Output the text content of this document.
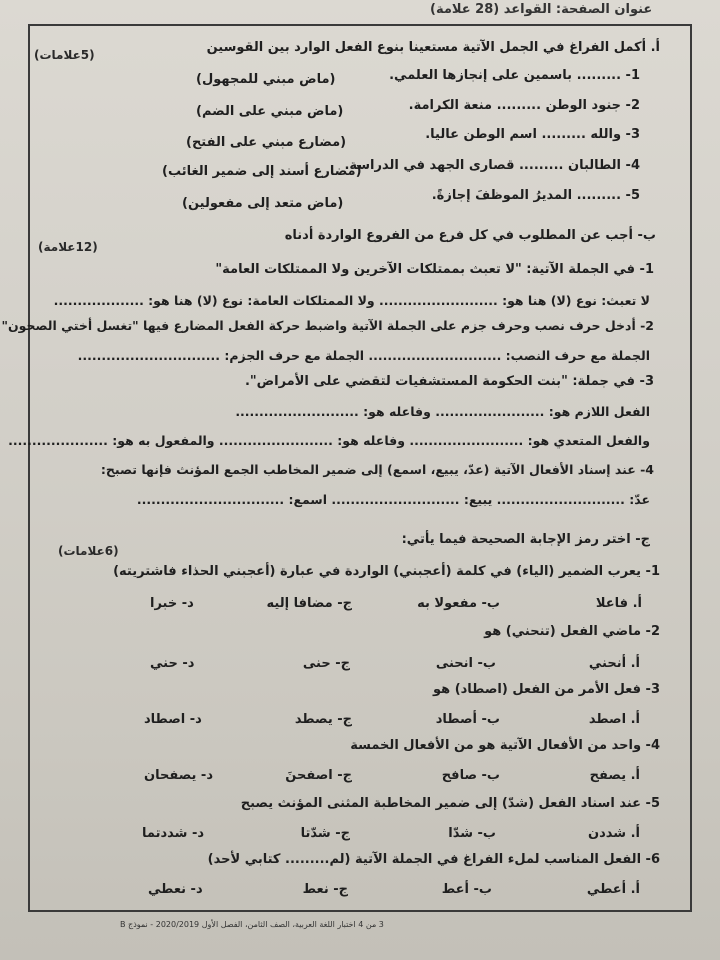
عنوان الصفحة: القواعد (28 علامة)
أ. أكمل الفراغ في الجمل الآتية مستعينا بنوع الفعل الوارد بين القوسين
(5علامات)
1- ......... باسمين على إنجازها العلمي.
(ماض مبني للمجهول)
2- جنود الوطن ......... منعة الكرامة.
(ماض مبني على الضم)
3- والله ......... اسم الوطن عاليا.
(مضارع مبني على الفتح)
4- الطالبان ......... قصارى الجهد في الدراسة.
(مضارع أسند إلى ضمير الغائب)
5- ......... المديرُ الموظفَ إجازةً.
(ماض متعد إلى مفعولين)
ب- أجب عن المطلوب في كل فرع من الفروع الواردة أدناه
(12علامة)
1- في الجملة الآتية: "لا تعبث بممتلكات الآخرين ولا الممتلكات العامة"
لا تعبث: نوع (لا) هنا هو: ......................... ولا الممتلكات العامة: نوع (لا) هنا هو: ...................
2- أدخل حرف نصب وحرف جزم على الجملة الآتية واضبط حركة الفعل المضارع فيها "تغسل أختي الصحون"
الجملة مع حرف النصب: ............................ الجملة مع حرف الجزم: ..............................
3- في جملة: "بنت الحكومة المستشفيات لتقضي على الأمراض".
الفعل اللازم هو: ....................... وفاعله هو: ..........................
والفعل المتعدي هو: ........................ وفاعله هو: ........................ والمفعول به هو: .....................
4- عند إسناد الأفعال الآتية (عدّ، يبيع، اسمع) إلى ضمير المخاطب الجمع المؤنث فإنها تصبح:
عدّ: ........................... يبيع: ........................... اسمع: ...............................
ج- اختر رمز الإجابة الصحيحة فيما يأتي:
(6علامات)
1- يعرب الضمير (الياء) في كلمة (أعجبني) الواردة في عبارة (أعجبني الحذاء فاشتريته)
أ. فاعلا
ب- مفعولا به
ج- مضافا إليه
د- خبرا
2- ماضي الفعل (تنحني) هو
أ. أنحني
ب- انحنى
ج- حنى
د- حني
3- فعل الأمر من الفعل (اصطاد) هو
أ. اصطد
ب- أصطاد
ج- يصطد
د- اصطاد
4- واحد من الأفعال الآتية هو من الأفعال الخمسة
أ. يصفح
ب- صافح
ج- اصفحنَ
د- يصفحان
5- عند اسناد الفعل (شدّ) إلى ضمير المخاطبة المثنى المؤنث يصبح
أ. شددن
ب- شدّا
ج- شدّتا
د- شددتما
6- الفعل المناسب لملء الفراغ في الجملة الآتية (لم......... كتابي لأحد)
أ. أعطي
ب- أعط
ج- نعط
د- نعطي
3 من 4 اختبار اللغة العربية، الصف الثامن، الفصل الأول 2020/2019 - نموذج B
